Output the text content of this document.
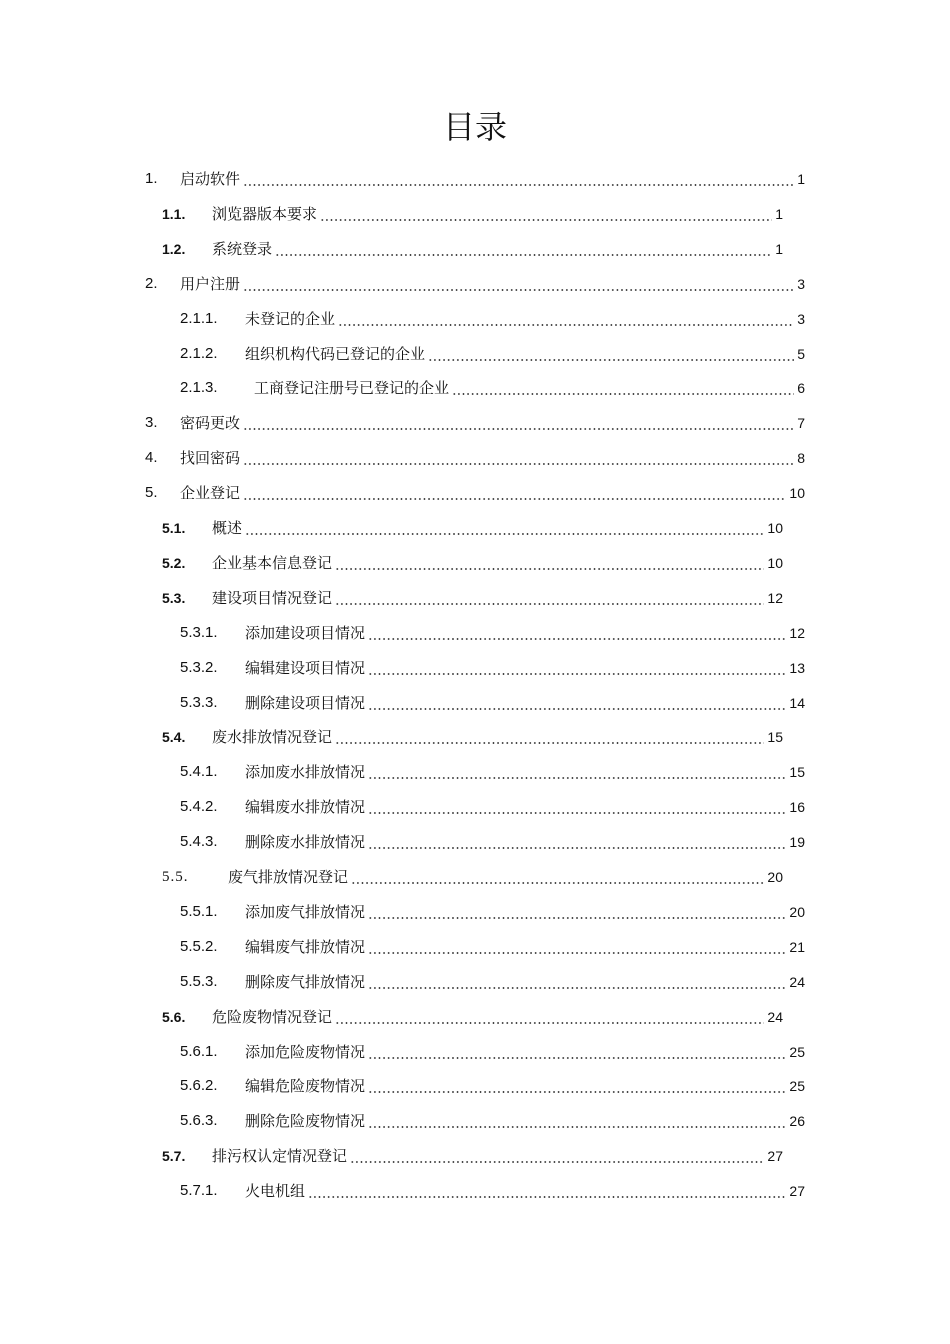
目录
1.	启动软件	1
1.1.	浏览器版本要求	1
1.2.	系统登录	1
2.	用户注册	3
2.1.1.	未登记的企业	3
2.1.2.	组织机构代码已登记的企业	5
2.1.3.	工商登记注册号已登记的企业	6
3.	密码更改	7
4.	找回密码	8
5.	企业登记	10
5.1.	概述	10
5.2.	企业基本信息登记	10
5.3.	建设项目情况登记	12
5.3.1.	添加建设项目情况	12
5.3.2.	编辑建设项目情况	13
5.3.3.	删除建设项目情况	14
5.4.	废水排放情况登记	15
5.4.1.	添加废水排放情况	15
5.4.2.	编辑废水排放情况	16
5.4.3.	删除废水排放情况	19
5.5.	废气排放情况登记	20
5.5.1.	添加废气排放情况	20
5.5.2.	编辑废气排放情况	21
5.5.3.	删除废气排放情况	24
5.6.	危险废物情况登记	24
5.6.1.	添加危险废物情况	25
5.6.2.	编辑危险废物情况	25
5.6.3.	删除危险废物情况	26
5.7.	排污权认定情况登记	27
5.7.1.	火电机组	27
